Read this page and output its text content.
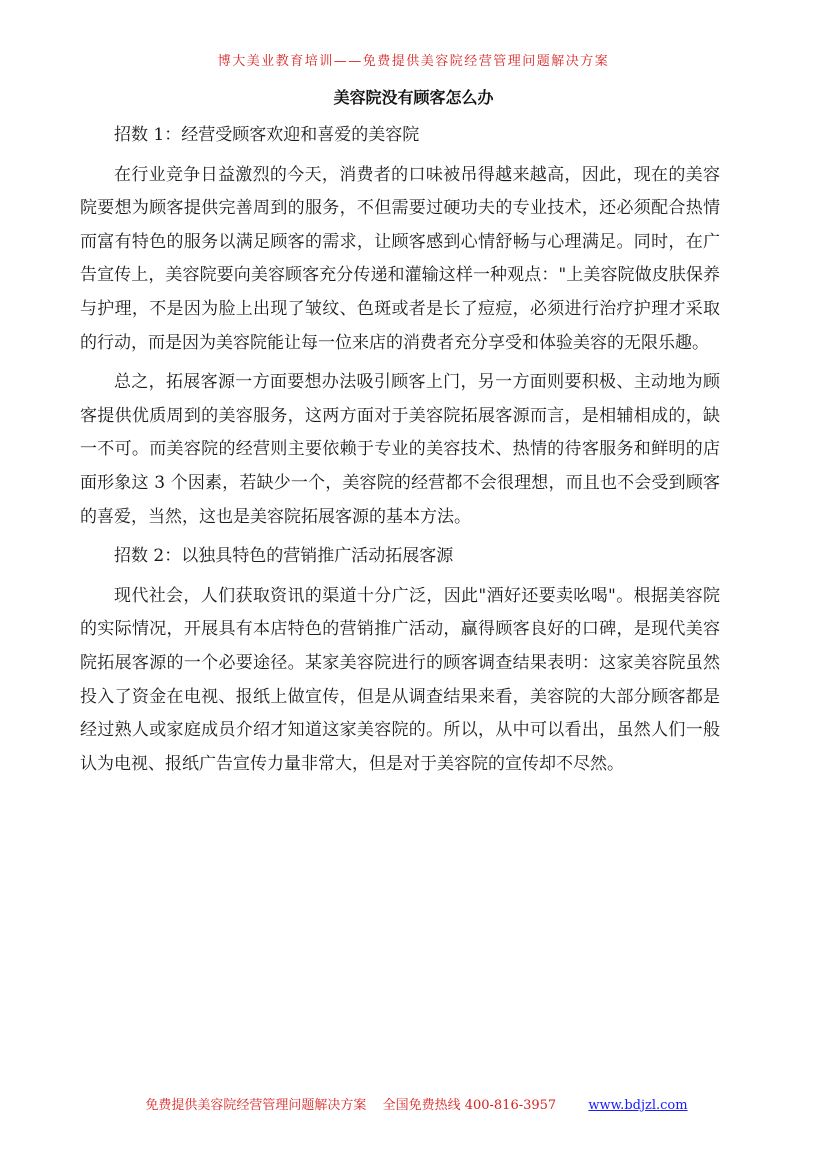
博大美业教育培训——免费提供美容院经营管理问题解决方案
美容院没有顾客怎么办

招数 1：经营受顾客欢迎和喜爱的美容院

在行业竞争日益激烈的今天，消费者的口味被吊得越来越高，因此，现在的美容院要想为顾客提供完善周到的服务，不但需要过硬功夫的专业技术，还必须配合热情而富有特色的服务以满足顾客的需求，让顾客感到心情舒畅与心理满足。同时，在广告宣传上，美容院要向美容顾客充分传递和灌输这样一种观点："上美容院做皮肤保养与护理，不是因为脸上出现了皱纹、色斑或者是长了痘痘，必须进行治疗护理才采取的行动，而是因为美容院能让每一位来店的消费者充分享受和体验美容的无限乐趣。

总之，拓展客源一方面要想办法吸引顾客上门，另一方面则要积极、主动地为顾客提供优质周到的美容服务，这两方面对于美容院拓展客源而言，是相辅相成的，缺一不可。而美容院的经营则主要依赖于专业的美容技术、热情的待客服务和鲜明的店面形象这 3 个因素，若缺少一个，美容院的经营都不会很理想，而且也不会受到顾客的喜爱，当然，这也是美容院拓展客源的基本方法。

招数 2：以独具特色的营销推广活动拓展客源

现代社会，人们获取资讯的渠道十分广泛，因此"酒好还要卖吆喝"。根据美容院的实际情况，开展具有本店特色的营销推广活动，赢得顾客良好的口碑，是现代美容院拓展客源的一个必要途径。某家美容院进行的顾客调查结果表明：这家美容院虽然投入了资金在电视、报纸上做宣传，但是从调查结果来看，美容院的大部分顾客都是经过熟人或家庭成员介绍才知道这家美容院的。所以，从中可以看出，虽然人们一般认为电视、报纸广告宣传力量非常大，但是对于美容院的宣传却不尽然。

免费提供美容院经营管理问题解决方案 全国免费热线 400-816-3957 www.bdjzl.com
